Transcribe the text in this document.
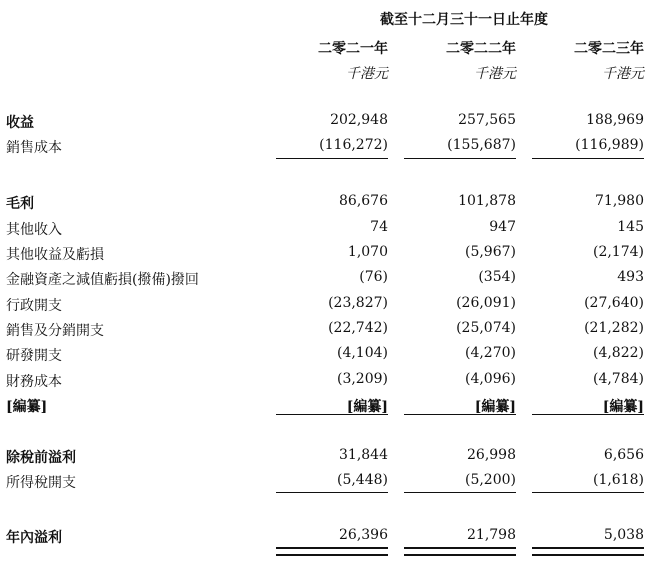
截至十二月三十一日止年度
二零二一年	二零二二年	二零二三年
千港元	千港元	千港元
收益	202,948	257,565	188,969
銷售成本	(116,272)	(155,687)	(116,989)
毛利	86,676	101,878	71,980
其他收入	74	947	145
其他收益及虧損	1,070	(5,967)	(2,174)
金融資產之減值虧損(撥備)撥回	(76)	(354)	493
行政開支	(23,827)	(26,091)	(27,640)
銷售及分銷開支	(22,742)	(25,074)	(21,282)
研發開支	(4,104)	(4,270)	(4,822)
財務成本	(3,209)	(4,096)	(4,784)
[編纂]	[編纂]	[編纂]	[編纂]
除稅前溢利	31,844	26,998	6,656
所得稅開支	(5,448)	(5,200)	(1,618)
年內溢利	26,396	21,798	5,038
